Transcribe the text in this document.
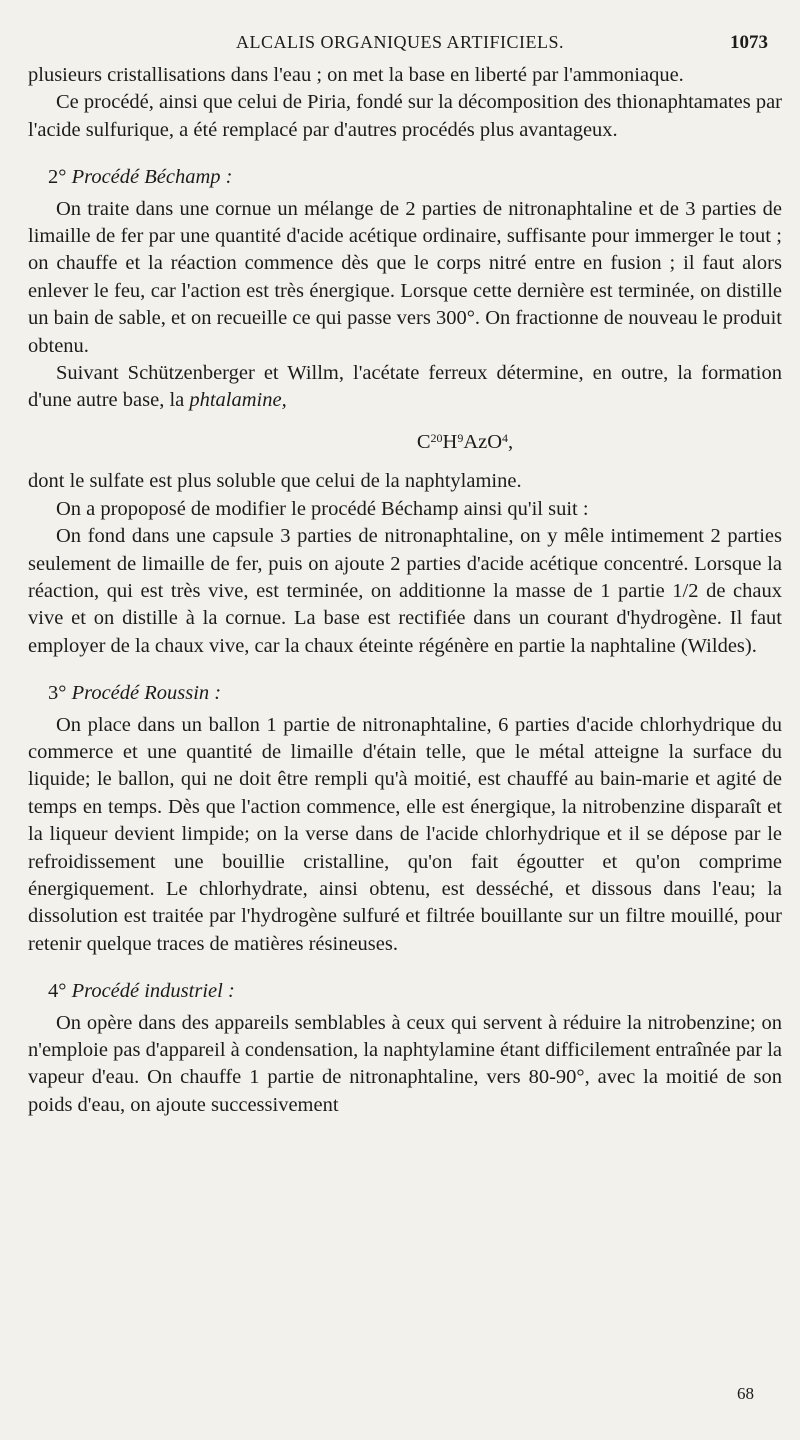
ALCALIS ORGANIQUES ARTIFICIELS.	1073

plusieurs cristallisations dans l'eau ; on met la base en liberté par l'ammoniaque.

Ce procédé, ainsi que celui de Piria, fondé sur la décomposition des thionaphtamates par l'acide sulfurique, a été remplacé par d'autres procédés plus avantageux.

2° Procédé Béchamp :

On traite dans une cornue un mélange de 2 parties de nitronaphtaline et de 3 parties de limaille de fer par une quantité d'acide acétique ordinaire, suffisante pour immerger le tout ; on chauffe et la réaction commence dès que le corps nitré entre en fusion ; il faut alors enlever le feu, car l'action est très énergique. Lorsque cette dernière est terminée, on distille un bain de sable, et on recueille ce qui passe vers 300°. On fractionne de nouveau le produit obtenu.

Suivant Schützenberger et Willm, l'acétate ferreux détermine, en outre, la formation d'une autre base, la phtalamine,

$C^{20}H^9AzO^4$,

dont le sulfate est plus soluble que celui de la naphtylamine.

On a propoposé de modifier le procédé Béchamp ainsi qu'il suit :

On fond dans une capsule 3 parties de nitronaphtaline, on y mêle intimement 2 parties seulement de limaille de fer, puis on ajoute 2 parties d'acide acétique concentré. Lorsque la réaction, qui est très vive, est terminée, on additionne la masse de 1 partie 1/2 de chaux vive et on distille à la cornue. La base est rectifiée dans un courant d'hydrogène. Il faut employer de la chaux vive, car la chaux éteinte régénère en partie la naphtaline (Wildes).

3° Procédé Roussin :

On place dans un ballon 1 partie de nitronaphtaline, 6 parties d'acide chlorhydrique du commerce et une quantité de limaille d'étain telle, que le métal atteigne la surface du liquide; le ballon, qui ne doit être rempli qu'à moitié, est chauffé au bain-marie et agité de temps en temps. Dès que l'action commence, elle est énergique, la nitrobenzine disparaît et la liqueur devient limpide; on la verse dans de l'acide chlorhydrique et il se dépose par le refroidissement une bouillie cristalline, qu'on fait égoutter et qu'on comprime énergiquement. Le chlorhydrate, ainsi obtenu, est desséché, et dissous dans l'eau; la dissolution est traitée par l'hydrogène sulfuré et filtrée bouillante sur un filtre mouillé, pour retenir quelque traces de matières résineuses.

4° Procédé industriel :

On opère dans des appareils semblables à ceux qui servent à réduire la nitrobenzine; on n'emploie pas d'appareil à condensation, la naphtylamine étant difficilement entraînée par la vapeur d'eau. On chauffe 1 partie de nitronaphtaline, vers 80-90°, avec la moitié de son poids d'eau, on ajoute successivement

68
